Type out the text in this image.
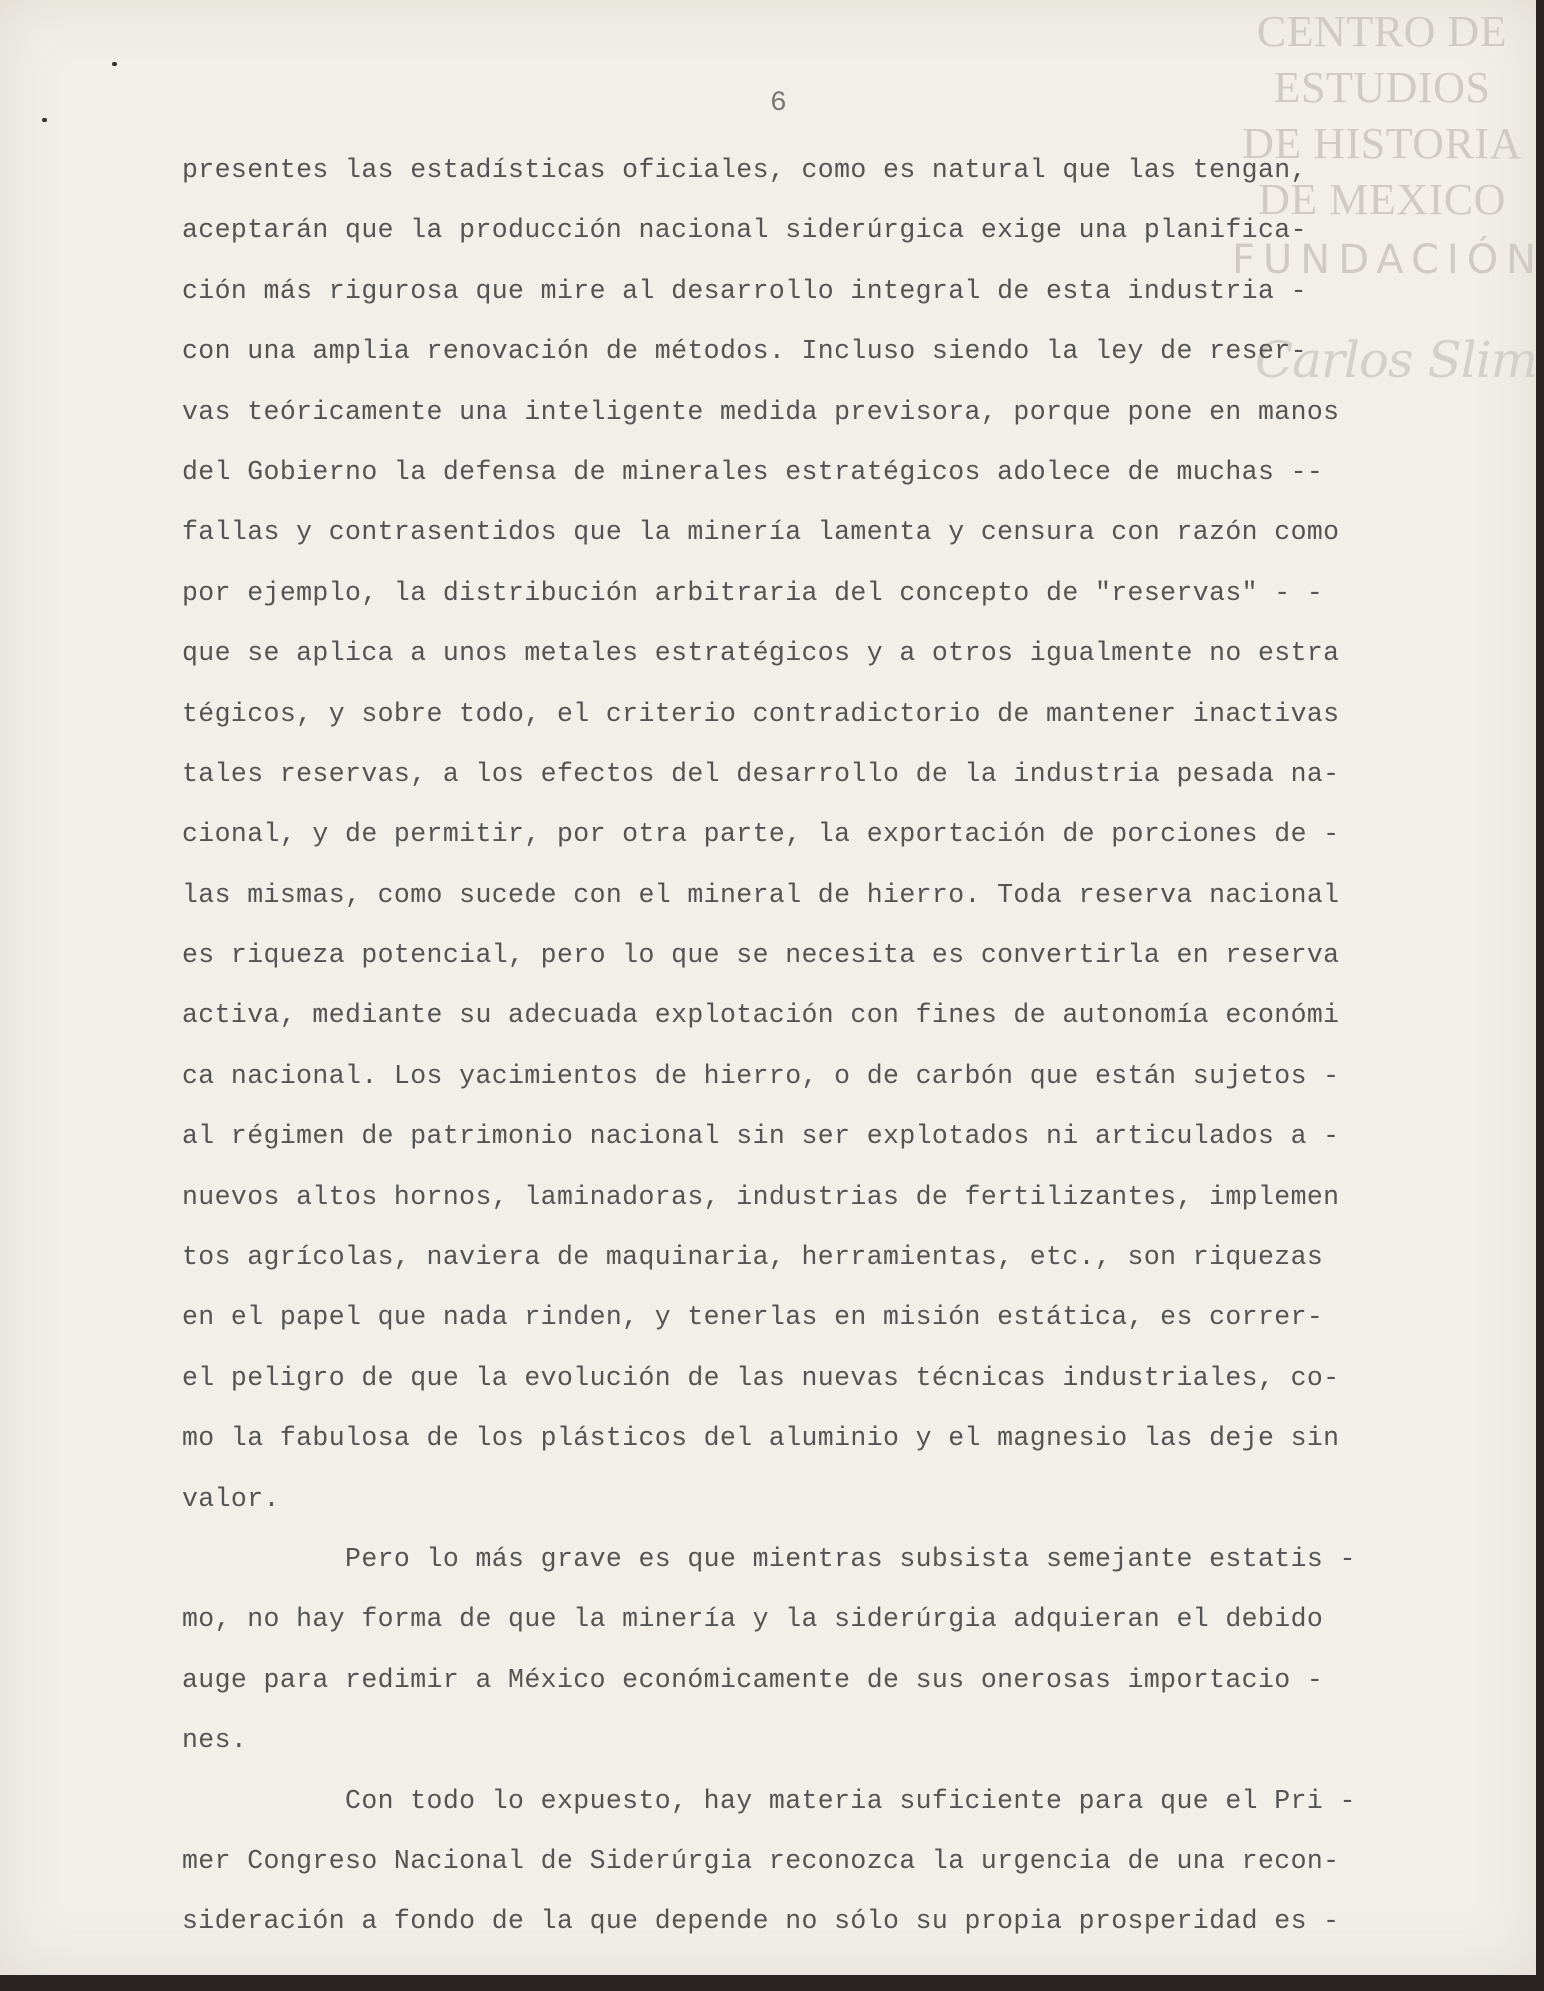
CENTRO DE
ESTUDIOS
DE HISTORIA
DE MEXICO
FUNDACIÓN
Carlos Slim
6
presentes las estadísticas oficiales, como es natural que las tengan,
aceptarán que la producción nacional siderúrgica exige una planifica-
ción más rigurosa que mire al desarrollo integral de esta industria -
con una amplia renovación de métodos. Incluso siendo la ley de reser-
vas teóricamente una inteligente medida previsora, porque pone en manos
del Gobierno la defensa de minerales estratégicos adolece de muchas --
fallas y contrasentidos que la minería lamenta y censura con razón como
por ejemplo, la distribución arbitraria del concepto de "reservas" - -
que se aplica a unos metales estratégicos y a otros igualmente no estra
tégicos, y sobre todo, el criterio contradictorio de mantener inactivas
tales reservas, a los efectos del desarrollo de la industria pesada na-
cional, y de permitir, por otra parte, la exportación de porciones de -
las mismas, como sucede con el mineral de hierro. Toda reserva nacional
es riqueza potencial, pero lo que se necesita es convertirla en reserva
activa, mediante su adecuada explotación con fines de autonomía económi
ca nacional. Los yacimientos de hierro, o de carbón que están sujetos -
al régimen de patrimonio nacional sin ser explotados ni articulados a -
nuevos altos hornos, laminadoras, industrias de fertilizantes, implemen
tos agrícolas, naviera de maquinaria, herramientas, etc., son riquezas
en el papel que nada rinden, y tenerlas en misión estática, es correr-
el peligro de que la evolución de las nuevas técnicas industriales, co-
mo la fabulosa de los plásticos del aluminio y el magnesio las deje sin
valor.
Pero lo más grave es que mientras subsista semejante estatis -
mo, no hay forma de que la minería y la siderúrgia adquieran el debido
auge para redimir a México económicamente de sus onerosas importacio -
nes.
Con todo lo expuesto, hay materia suficiente para que el Pri -
mer Congreso Nacional de Siderúrgia reconozca la urgencia de una recon-
sideración a fondo de la que depende no sólo su propia prosperidad es -
